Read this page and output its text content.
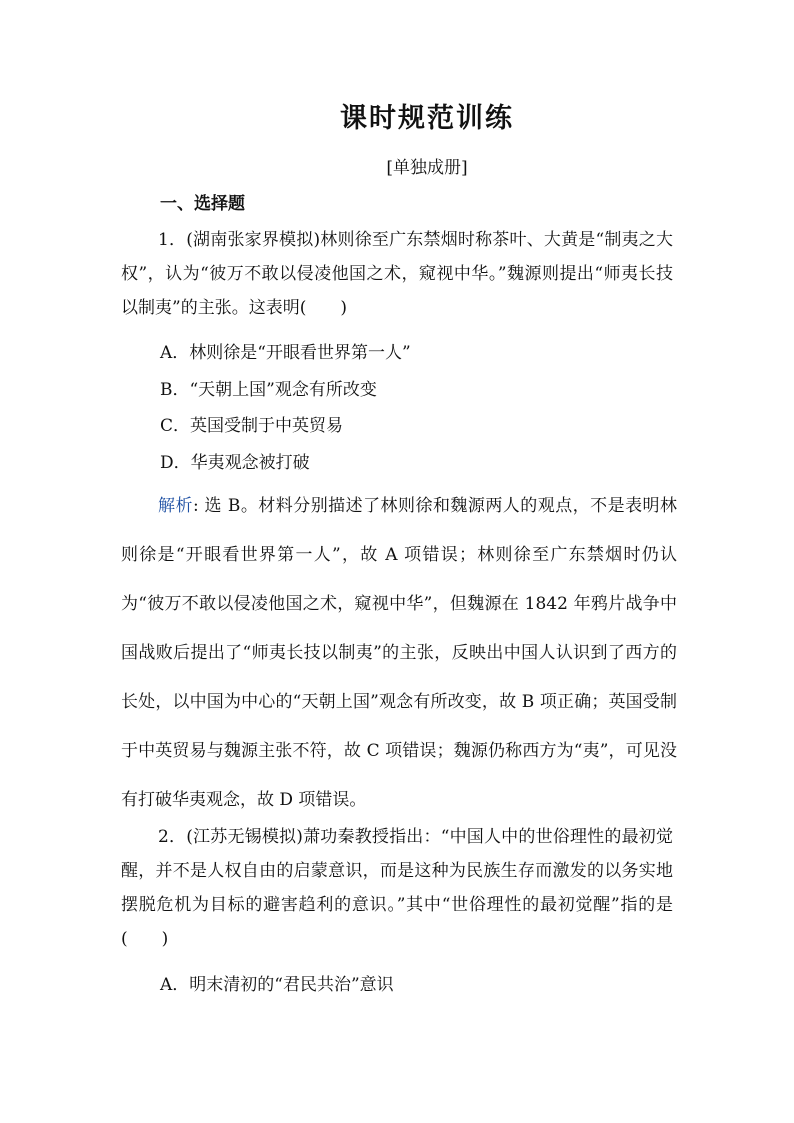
课时规范训练
[单独成册]
一、选择题
1．(湖南张家界模拟)林则徐至广东禁烟时称茶叶、大黄是“制夷之大权”，认为“彼万不敢以侵凌他国之术，窥视中华。”魏源则提出“师夷长技以制夷”的主张。这表明(　　)
A．林则徐是“开眼看世界第一人”
B．“天朝上国”观念有所改变
C．英国受制于中英贸易
D．华夷观念被打破
解析: 选 B。材料分别描述了林则徐和魏源两人的观点，不是表明林则徐是“开眼看世界第一人”，故 A 项错误；林则徐至广东禁烟时仍认为“彼万不敢以侵凌他国之术，窥视中华”，但魏源在 1842 年鸦片战争中国战败后提出了“师夷长技以制夷”的主张，反映出中国人认识到了西方的长处，以中国为中心的“天朝上国”观念有所改变，故 B 项正确；英国受制于中英贸易与魏源主张不符，故 C 项错误；魏源仍称西方为“夷”，可见没有打破华夷观念，故 D 项错误。
2．(江苏无锡模拟)萧功秦教授指出：“中国人中的世俗理性的最初觉醒，并不是人权自由的启蒙意识，而是这种为民族生存而激发的以务实地摆脱危机为目标的避害趋利的意识。”其中“世俗理性的最初觉醒”指的是(　　)
A．明末清初的“君民共治”意识
